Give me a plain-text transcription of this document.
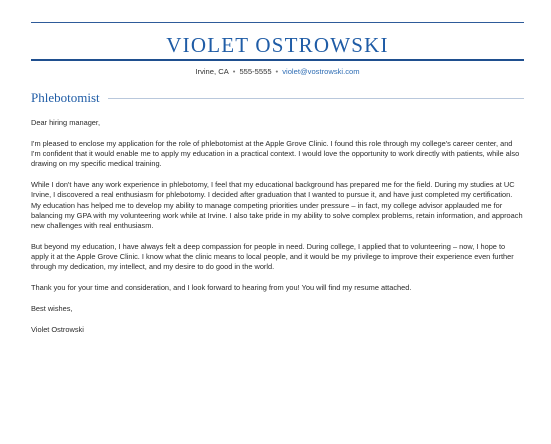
VIOLET OSTROWSKI
Irvine, CA • 555-5555 • violet@vostrowski.com
Phlebotomist

Dear hiring manager,

I'm pleased to enclose my application for the role of phlebotomist at the Apple Grove Clinic. I found this role through my college's career center, and I'm confident that it would enable me to apply my education in a practical context. I would love the opportunity to work directly with patients, while also drawing on my specific medical training.

While I don't have any work experience in phlebotomy, I feel that my educational background has prepared me for the field. During my studies at UC Irvine, I discovered a real enthusiasm for phlebotomy. I decided after graduation that I wanted to pursue it, and have just completed my certification. My education has helped me to develop my ability to manage competing priorities under pressure – in fact, my college advisor applauded me for balancing my GPA with my volunteering work while at Irvine. I also take pride in my ability to solve complex problems, retain information, and approach new challenges with real enthusiasm.

But beyond my education, I have always felt a deep compassion for people in need. During college, I applied that to volunteering – now, I hope to apply it at the Apple Grove Clinic. I know what the clinic means to local people, and it would be my privilege to improve their experience even further through my dedication, my intellect, and my desire to do good in the world.

Thank you for your time and consideration, and I look forward to hearing from you! You will find my resume attached.

Best wishes,

Violet Ostrowski
